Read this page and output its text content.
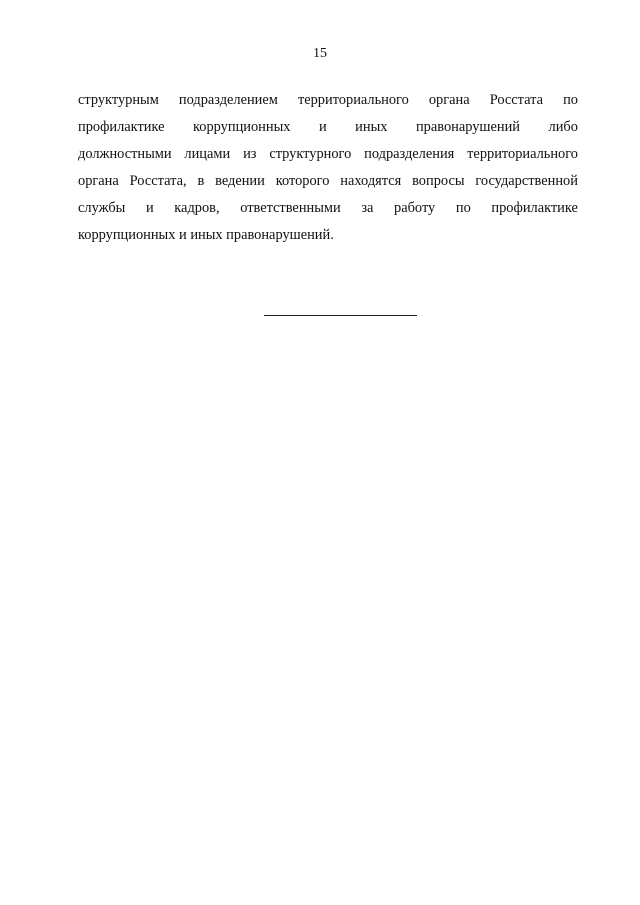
15
структурным подразделением территориального органа Росстата по
профилактике коррупционных и иных правонарушений либо
должностными лицами из структурного подразделения территориального
органа Росстата, в ведении которого находятся вопросы государственной
службы и кадров, ответственными за работу по профилактике
коррупционных и иных правонарушений.
